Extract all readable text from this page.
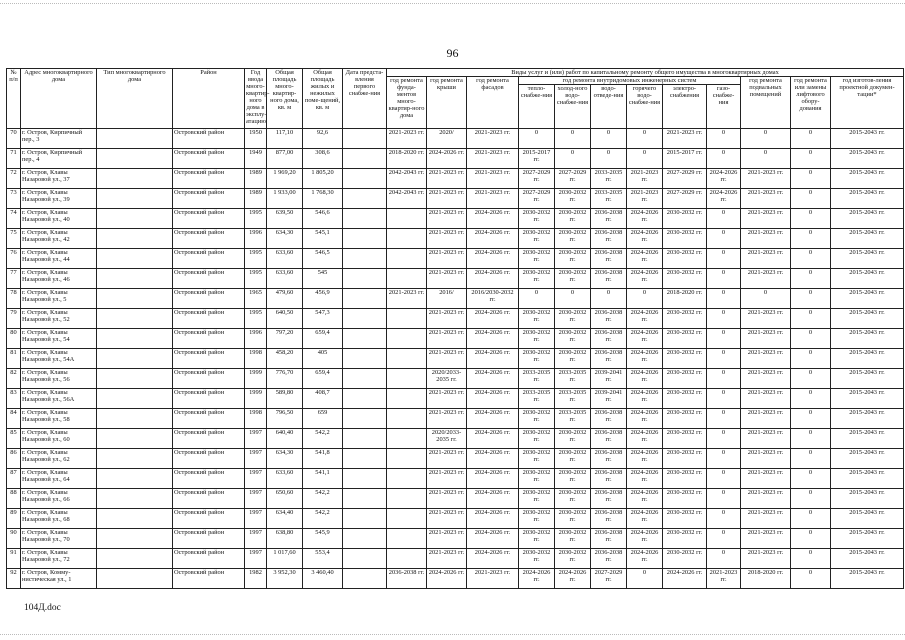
96
№ п/п	Адрес многоквартирного дома	Тип многоквартирного дома	Район	Год ввода много-квартир-ного дома в эксплу-атацию	Общая площадь много-квартир-ного дома, кв. м	Общая площадь жилых и нежилых поме-щений, кв. м	Дата предста-вления первого снабже-ния	Виды услуг и (или) работ по капитальному ремонту общего имущества в многоквартирных домах											
								год ремонта фунда-ментов много-квартир-ного дома	год ремонта крыши	год ремонта фасадов	год ремонта внутридомовых инженерных систем						год ремонта подвальных помещений	год ремонта или замены лифтового обору-дования	год изготов-ления проектной докумен-тации*
											тепло-снабже-ния	холод-ного водо-снабже-ния	водо-отведе-ния	горячего водо-снабже-ния	электро-снабжения	газо-снабже-ния			
70	г. Остров, Кирпичный пер., 3		Островский район	1950	117,10	92,6		2021-2023 гг.	2020/	2021-2023 гг.	0	0	0	0	2021-2023 гг.	0	0	0	2015-2043 гг.
71	г. Остров, Кирпичный пер., 4		Островский район	1949	877,00	308,6		2018-2020 гг.	2024-2026 гг.	2021-2023 гг.	2015-2017 гг.	0	0	0	2015-2017 гг.	0	0	0	2015-2043 гг.
72	г. Остров, Клавы Назаровой ул., 37		Островский район	1989	1 969,20	1 805,20		2042-2043 гг.	2021-2023 гг.	2021-2023 гг.	2027-2029 гг.	2027-2029 гг.	2033-2035 гг.	2021-2023 гг.	2027-2029 гг.	2024-2026 гг.	2021-2023 гг.	0	2015-2043 гг.
73	г. Остров, Клавы Назаровой ул., 39		Островский район	1989	1 933,00	1 768,30		2042-2043 гг.	2021-2023 гг.	2021-2023 гг.	2027-2029 гг.	2030-2032 гг.	2033-2035 гг.	2021-2023 гг.	2027-2029 гг.	2024-2026 гг.	2021-2023 гг.	0	2015-2043 гг.
74	г. Остров, Клавы Назаровой ул., 40		Островский район	1995	639,50	546,6			2021-2023 гг.	2024-2026 гг.	2030-2032 гг.	2030-2032 гг.	2036-2038 гг.	2024-2026 гг.	2030-2032 гг.	0	2021-2023 гг.	0	2015-2043 гг.
75	г. Остров, Клавы Назаровой ул., 42		Островский район	1996	634,30	545,1			2021-2023 гг.	2024-2026 гг.	2030-2032 гг.	2030-2032 гг.	2036-2038 гг.	2024-2026 гг.	2030-2032 гг.	0	2021-2023 гг.	0	2015-2043 гг.
76	г. Остров, Клавы Назаровой ул., 44		Островский район	1995	633,60	546,5			2021-2023 гг.	2024-2026 гг.	2030-2032 гг.	2030-2032 гг.	2036-2038 гг.	2024-2026 гг.	2030-2032 гг.	0	2021-2023 гг.	0	2015-2043 гг.
77	г. Остров, Клавы Назаровой ул., 46		Островский район	1995	633,60	545			2021-2023 гг.	2024-2026 гг.	2030-2032 гг.	2030-2032 гг.	2036-2038 гг.	2024-2026 гг.	2030-2032 гг.	0	2021-2023 гг.	0	2015-2043 гг.
78	г. Остров, Клавы Назаровой ул., 5		Островский район	1965	479,60	456,9		2021-2023 гг.	2016/	2016/2030-2032 гг.	0	0	0	0	2018-2020 гг.	0	0	0	2015-2043 гг.
79	г. Остров, Клавы Назаровой ул., 52		Островский район	1995	640,50	547,3			2021-2023 гг.	2024-2026 гг.	2030-2032 гг.	2030-2032 гг.	2036-2038 гг.	2024-2026 гг.	2030-2032 гг.	0	2021-2023 гг.	0	2015-2043 гг.
80	г. Остров, Клавы Назаровой ул., 54		Островский район	1996	797,20	659,4			2021-2023 гг.	2024-2026 гг.	2030-2032 гг.	2030-2032 гг.	2036-2038 гг.	2024-2026 гг.	2030-2032 гг.	0	2021-2023 гг.	0	2015-2043 гг.
81	г. Остров, Клавы Назаровой ул., 54А		Островский район	1998	458,20	405			2021-2023 гг.	2024-2026 гг.	2030-2032 гг.	2030-2032 гг.	2036-2038 гг.	2024-2026 гг.	2030-2032 гг.	0	2021-2023 гг.	0	2015-2043 гг.
82	г. Остров, Клавы Назаровой ул., 56		Островский район	1999	776,70	659,4			2020/2033-2035 гг.	2024-2026 гг.	2033-2035 гг.	2033-2035 гг.	2039-2041 гг.	2024-2026 гг.	2030-2032 гг.	0	2021-2023 гг.	0	2015-2043 гг.
83	г. Остров, Клавы Назаровой ул., 56А		Островский район	1999	589,80	408,7			2021-2023 гг.	2024-2026 гг.	2033-2035 гг.	2033-2035 гг.	2039-2041 гг.	2024-2026 гг.	2030-2032 гг.	0	2021-2023 гг.	0	2015-2043 гг.
84	г. Остров, Клавы Назаровой ул., 58		Островский район	1998	796,50	659			2021-2023 гг.	2024-2026 гг.	2030-2032 гг.	2033-2035 гг.	2036-2038 гг.	2024-2026 гг.	2030-2032 гг.	0	2021-2023 гг.	0	2015-2043 гг.
85	г. Остров, Клавы Назаровой ул., 60		Островский район	1997	640,40	542,2			2020/2033-2035 гг.	2024-2026 гг.	2030-2032 гг.	2030-2032 гг.	2036-2038 гг.	2024-2026 гг.	2030-2032 гг.	0	2021-2023 гг.	0	2015-2043 гг.
86	г. Остров, Клавы Назаровой ул., 62		Островский район	1997	634,30	541,8			2021-2023 гг.	2024-2026 гг.	2030-2032 гг.	2030-2032 гг.	2036-2038 гг.	2024-2026 гг.	2030-2032 гг.	0	2021-2023 гг.	0	2015-2043 гг.
87	г. Остров, Клавы Назаровой ул., 64		Островский район	1997	633,60	541,1			2021-2023 гг.	2024-2026 гг.	2030-2032 гг.	2030-2032 гг.	2036-2038 гг.	2024-2026 гг.	2030-2032 гг.	0	2021-2023 гг.	0	2015-2043 гг.
88	г. Остров, Клавы Назаровой ул., 66		Островский район	1997	650,60	542,2			2021-2023 гг.	2024-2026 гг.	2030-2032 гг.	2030-2032 гг.	2036-2038 гг.	2024-2026 гг.	2030-2032 гг.	0	2021-2023 гг.	0	2015-2043 гг.
89	г. Остров, Клавы Назаровой ул., 68		Островский район	1997	634,40	542,2			2021-2023 гг.	2024-2026 гг.	2030-2032 гг.	2030-2032 гг.	2036-2038 гг.	2024-2026 гг.	2030-2032 гг.	0	2021-2023 гг.	0	2015-2043 гг.
90	г. Остров, Клавы Назаровой ул., 70		Островский район	1997	638,80	545,9			2021-2023 гг.	2024-2026 гг.	2030-2032 гг.	2030-2032 гг.	2036-2038 гг.	2024-2026 гг.	2030-2032 гг.	0	2021-2023 гг.	0	2015-2043 гг.
91	г. Остров, Клавы Назаровой ул., 72		Островский район	1997	1 017,60	553,4			2021-2023 гг.	2024-2026 гг.	2030-2032 гг.	2030-2032 гг.	2036-2038 гг.	2024-2026 гг.	2030-2032 гг.	0	2021-2023 гг.	0	2015-2043 гг.
92	г. Остров, Комму-нистическая ул., 1		Островский район	1982	3 952,30	3 460,40		2036-2038 гг.	2024-2026 гг.	2021-2023 гг.	2024-2026 гг.	2024-2026 гг.	2027-2029 гг.	0	2024-2026 гг.	2021-2023 гг.	2018-2020 гг.	0	2015-2043 гг.
104Д.doc
